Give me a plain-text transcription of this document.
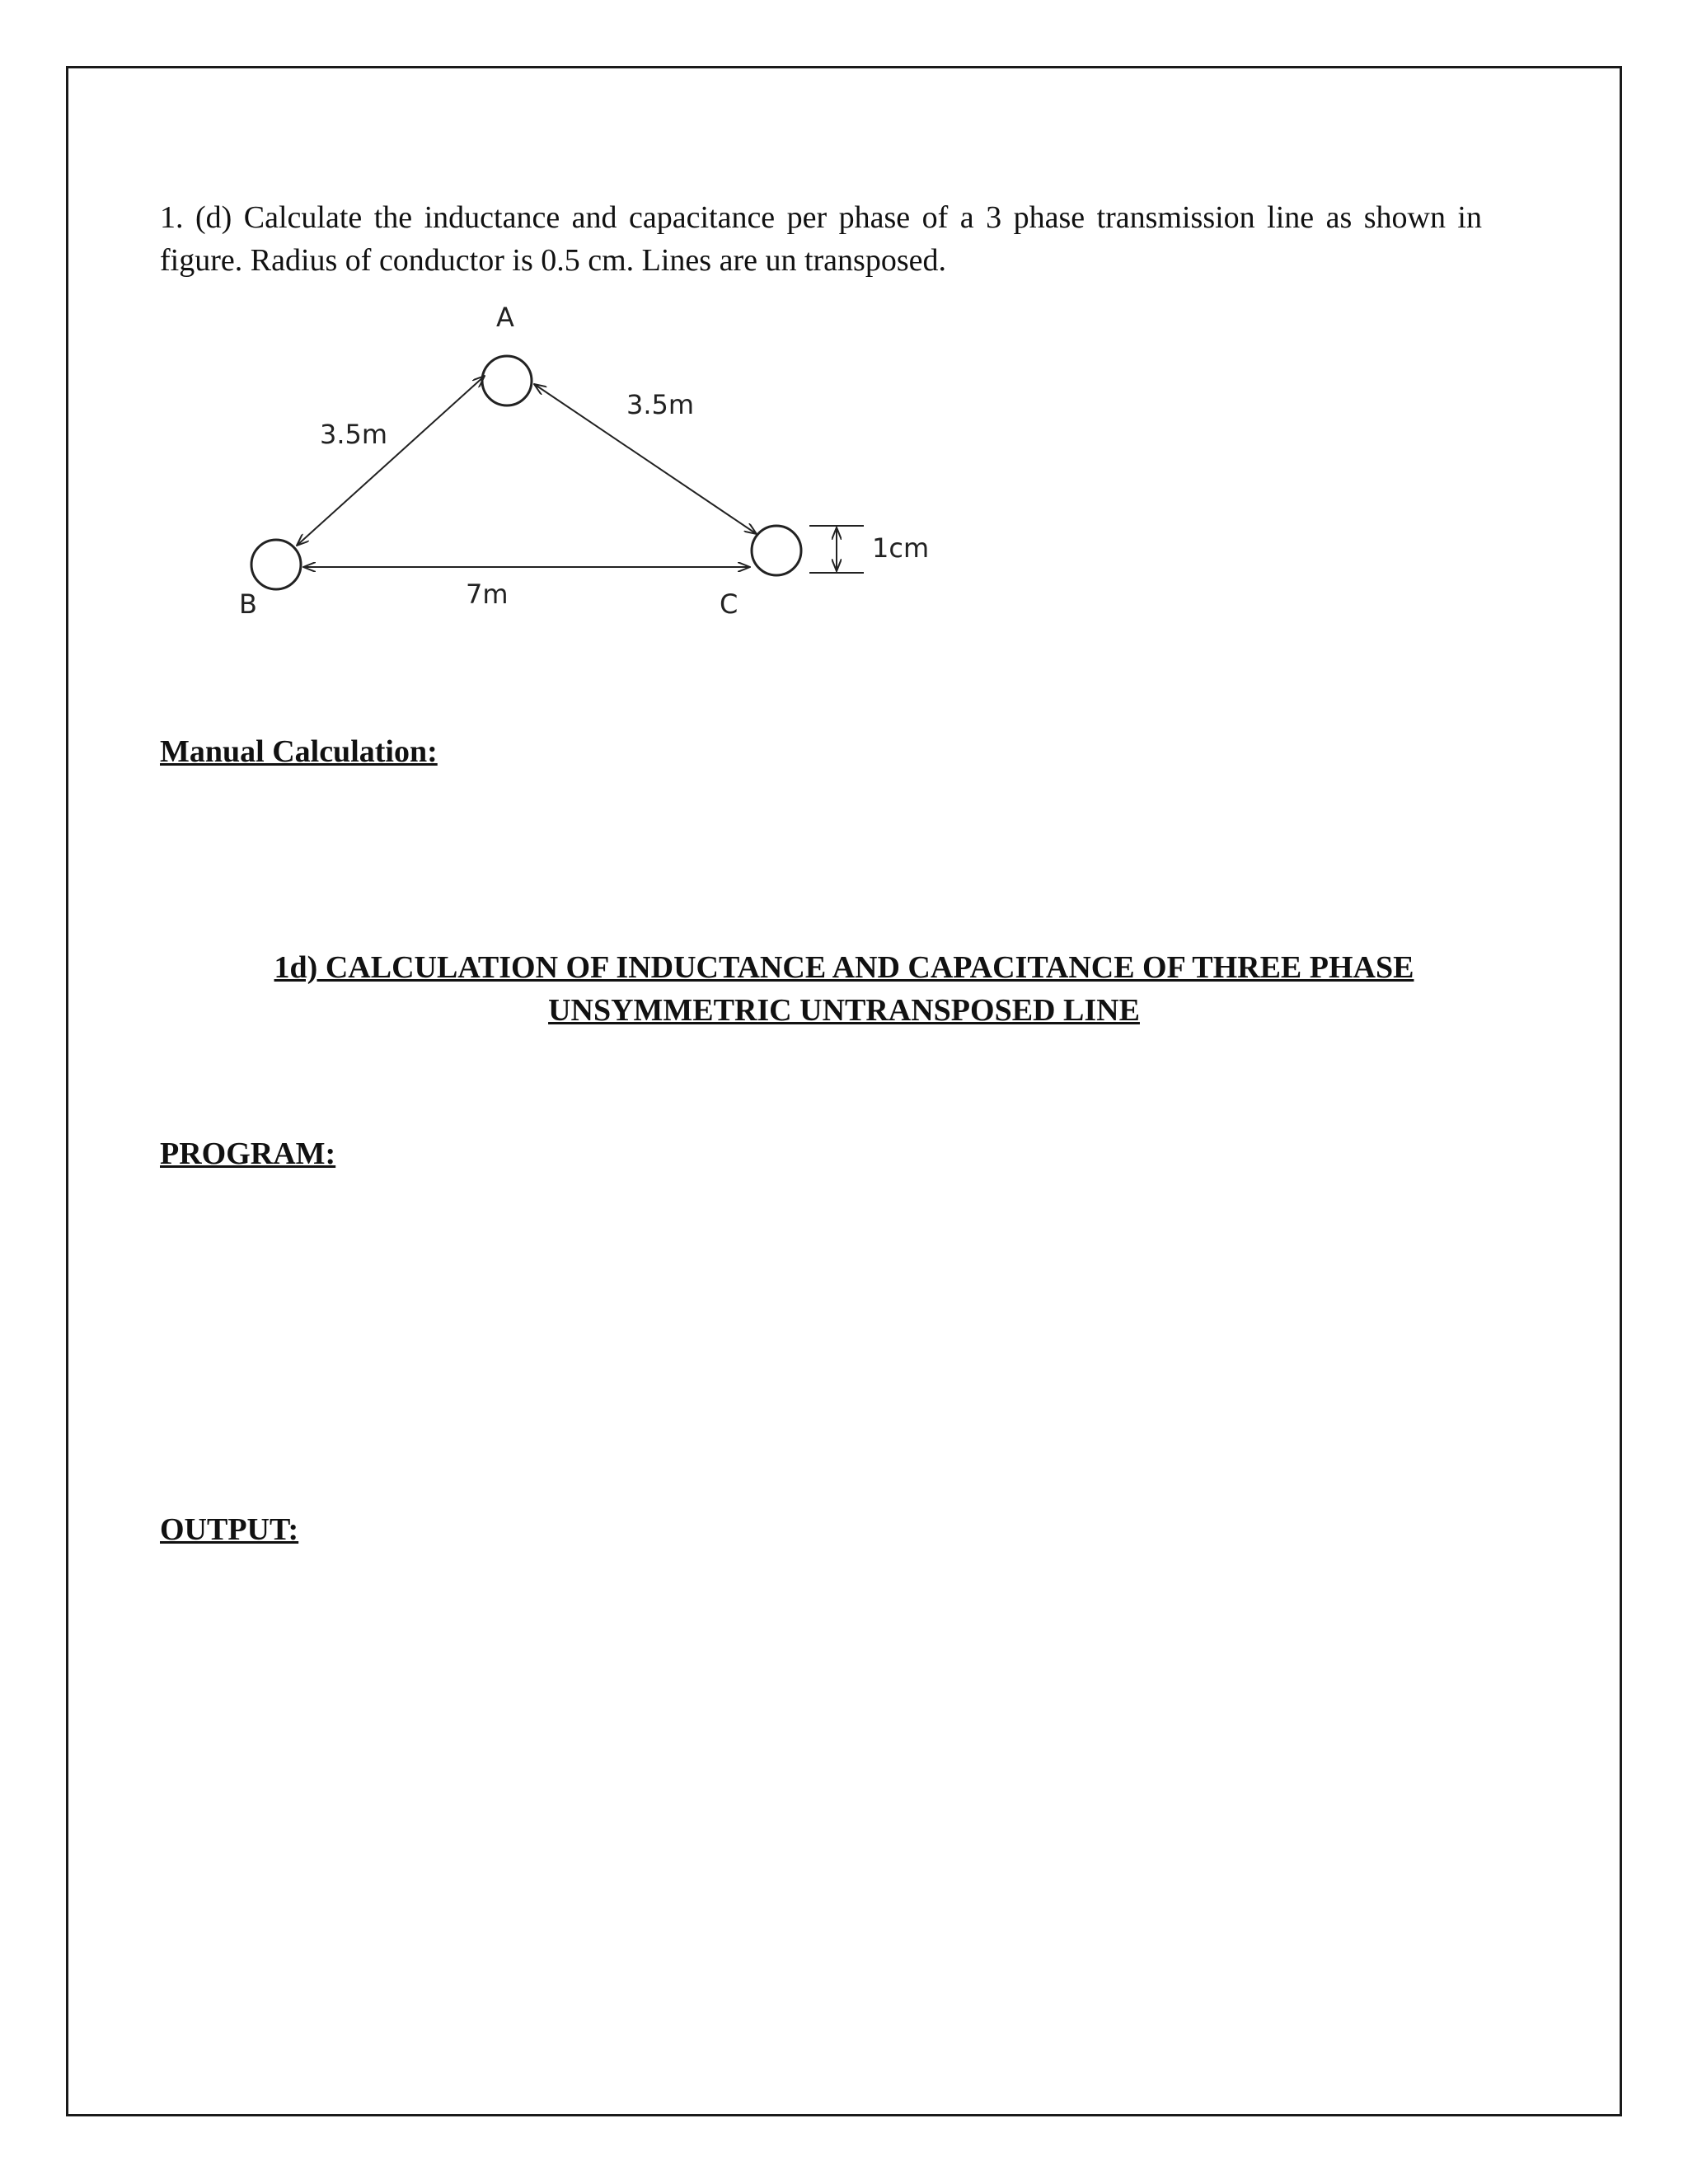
1. (d) Calculate the inductance and capacitance per phase of a 3 phase transmission line as shown in figure. Radius of conductor is 0.5 cm. Lines are un transposed.

A
B	C
3.5m
3.5m
7m
1cm
Manual Calculation:
1d) CALCULATION OF INDUCTANCE AND CAPACITANCE OF THREE PHASE
UNSYMMETRIC UNTRANSPOSED LINE
PROGRAM:
OUTPUT:
